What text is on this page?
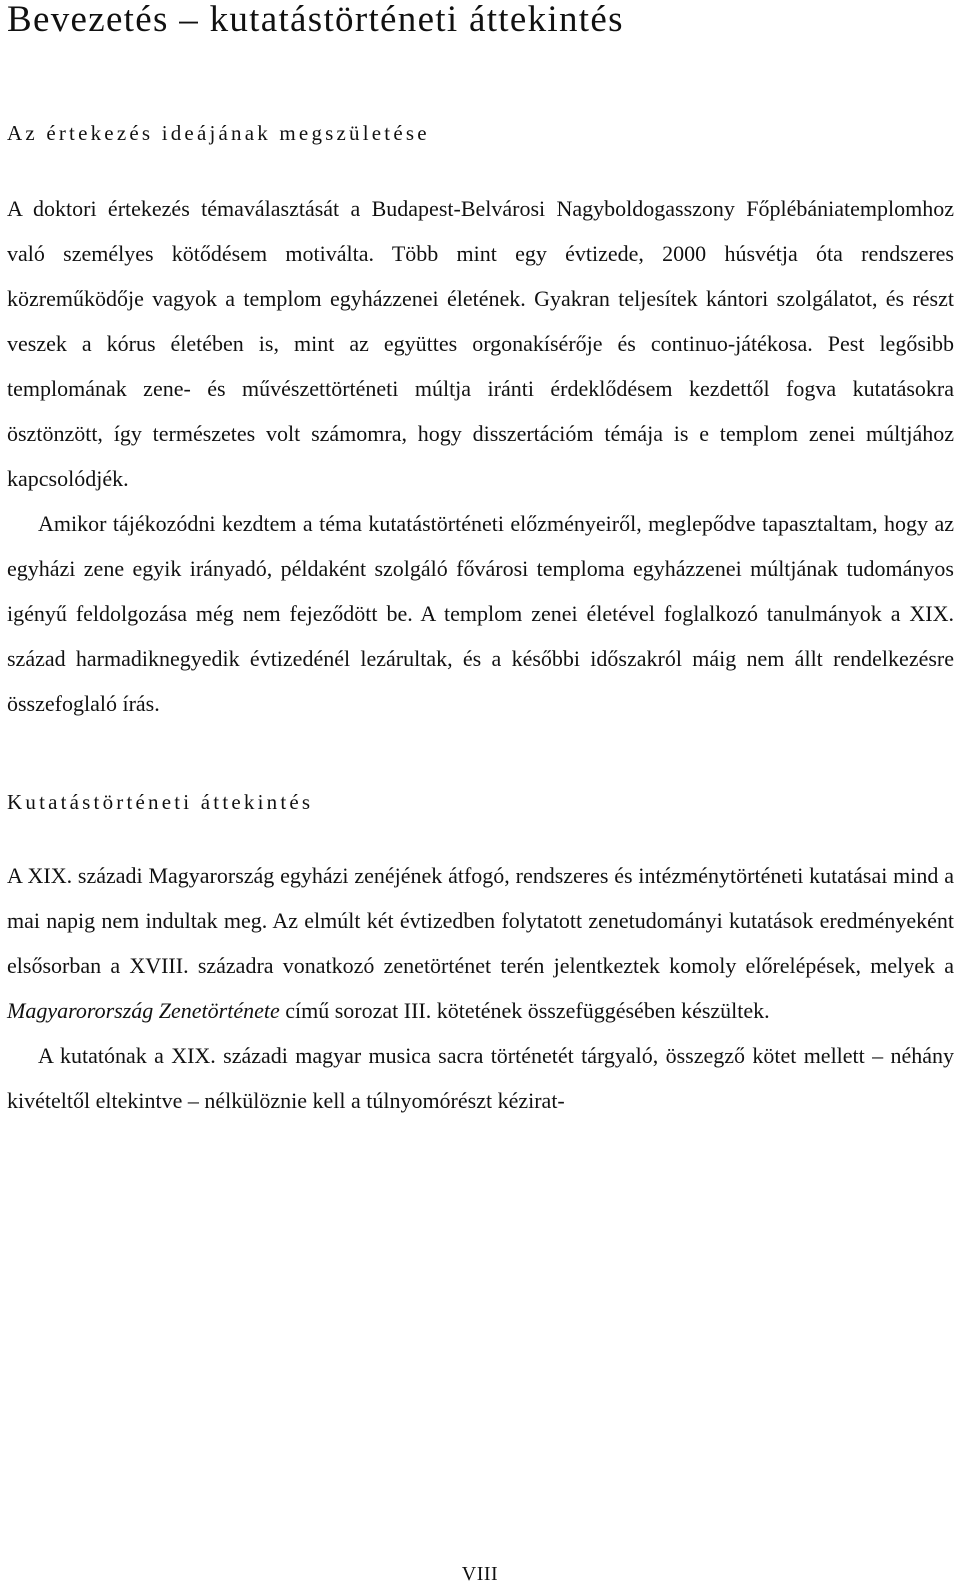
Bevezetés – kutatástörténeti áttekintés
Az értekezés ideájának megszületése

A doktori értekezés témaválasztását a Budapest-Belvárosi Nagyboldogasszony Főplébániatemplomhoz való személyes kötődésem motiválta. Több mint egy évtizede, 2000 húsvétja óta rendszeres közreműködője vagyok a templom egyházzenei életének. Gyakran teljesítek kántori szolgálatot, és részt veszek a kórus életében is, mint az együttes orgonakísérője és continuo-játékosa. Pest legősibb templomának zene- és művészettörténeti múltja iránti érdeklődésem kezdettől fogva kutatásokra ösztönzött, így természetes volt számomra, hogy disszertációm témája is e templom zenei múltjához kapcsolódjék.

Amikor tájékozódni kezdtem a téma kutatástörténeti előzményeiről, meglepődve tapasztaltam, hogy az egyházi zene egyik irányadó, példaként szolgáló fővárosi temploma egyházzenei múltjának tudományos igényű feldolgozása még nem fejeződött be. A templom zenei életével foglalkozó tanulmányok a XIX. század harmadiknegyedik évtizedénél lezárultak, és a későbbi időszakról máig nem állt rendelkezésre összefoglaló írás.

Kutatástörténeti áttekintés

A XIX. századi Magyarország egyházi zenéjének átfogó, rendszeres és intézménytörténeti kutatásai mind a mai napig nem indultak meg. Az elmúlt két évtizedben folytatott zenetudományi kutatások eredményeként elsősorban a XVIII. századra vonatkozó zenetörténet terén jelentkeztek komoly előrelépések, melyek a Magyarorország Zenetörténete című sorozat III. kötetének összefüggésében készültek.

A kutatónak a XIX. századi magyar musica sacra történetét tárgyaló, összegző kötet mellett – néhány kivételtől eltekintve – nélkülöznie kell a túlnyomórészt kézirat-

VIII
